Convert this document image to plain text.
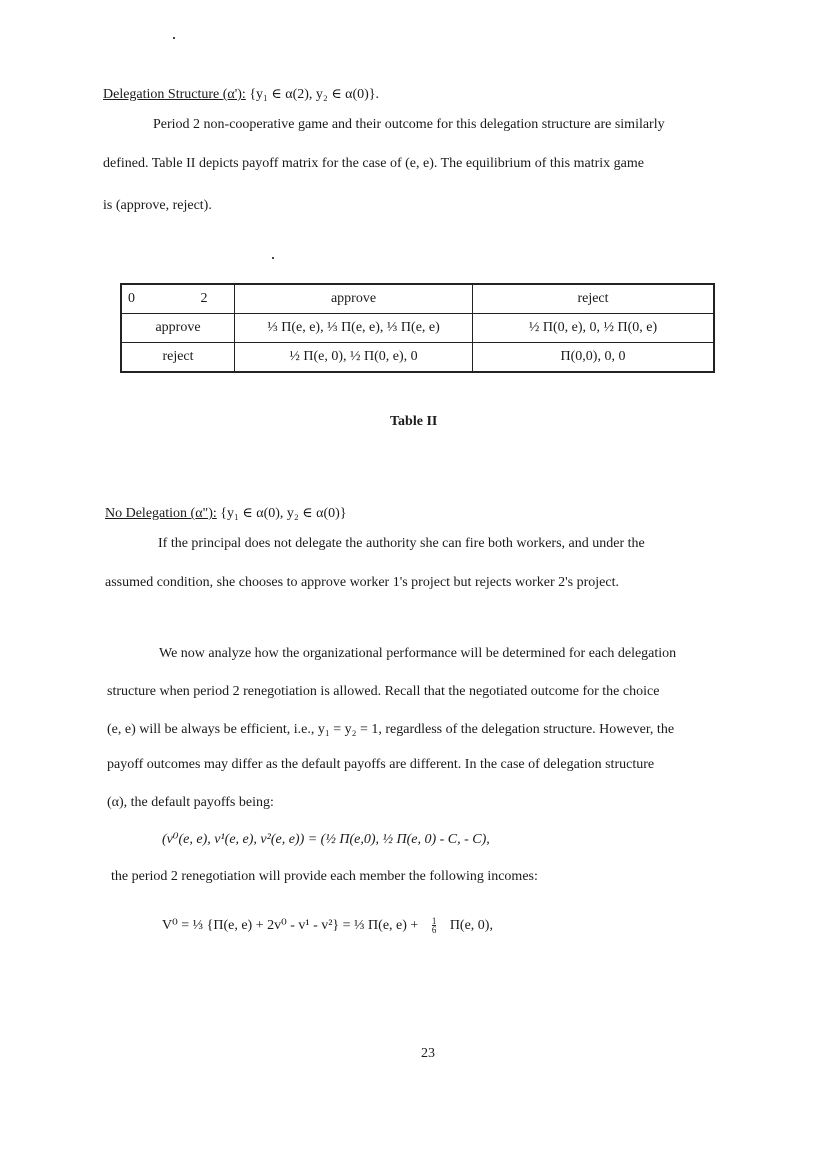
Delegation Structure (α'): {y₁ ∈ α(2), y₂ ∈ α(0)}.
Period 2 non-cooperative game and their outcome for this delegation structure are similarly
defined. Table II depicts payoff matrix for the case of (e, e). The equilibrium of this matrix game
is (approve, reject).
0 2	approve	reject
approve	⅓ Π(e, e), ⅓ Π(e, e), ⅓ Π(e, e)	½ Π(0, e), 0, ½ Π(0, e)
reject	½ Π(e, 0), ½ Π(0, e), 0	Π(0,0), 0, 0
Table II
No Delegation (α"): {y₁ ∈ α(0), y₂ ∈ α(0)}
If the principal does not delegate the authority she can fire both workers, and under the
assumed condition, she chooses to approve worker 1's project but rejects worker 2's project.
We now analyze how the organizational performance will be determined for each delegation
structure when period 2 renegotiation is allowed. Recall that the negotiated outcome for the choice
(e, e) will be always be efficient, i.e., y₁ = y₂ = 1, regardless of the delegation structure. However, the
payoff outcomes may differ as the default payoffs are different. In the case of delegation structure
(α), the default payoffs being:
(v⁰(e, e), v¹(e, e), v²(e, e)) = (½ Π(e,0), ½ Π(e, 0) - C, - C),
the period 2 renegotiation will provide each member the following incomes:
V⁰ = ⅓ {Π(e, e) + 2v⁰ - v¹ - v²} = ⅓ Π(e, $e) + \frac{1}{6} \Pi(e$, 0),
23
